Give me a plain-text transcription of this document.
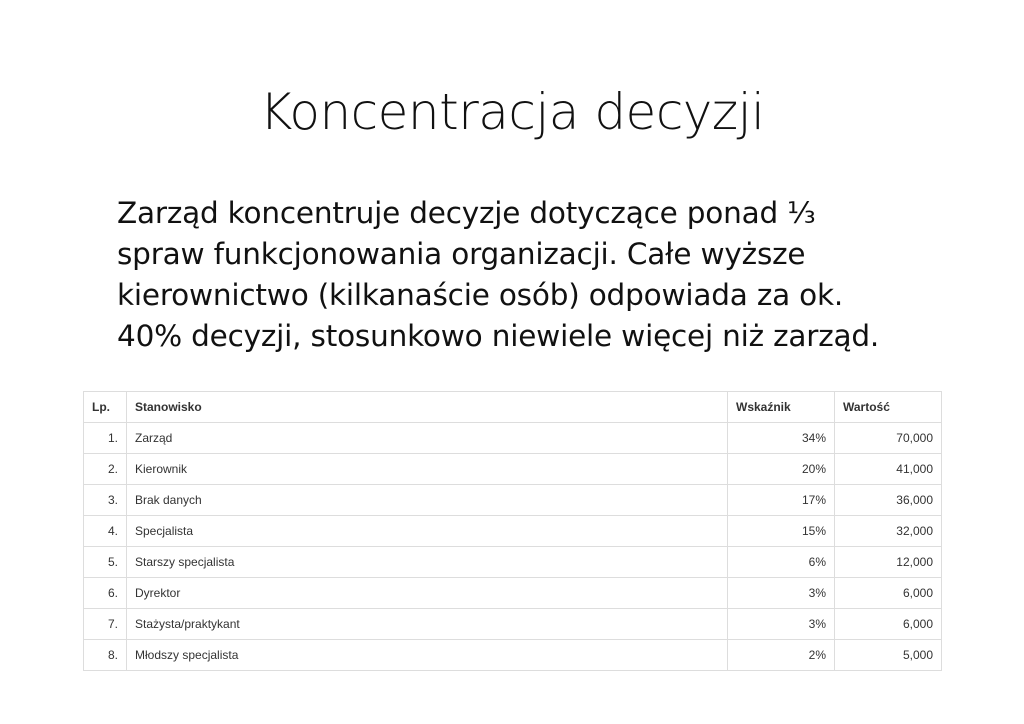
Koncentracja decyzji
Zarząd koncentruje decyzje dotyczące ponad ⅓
spraw funkcjonowania organizacji. Całe wyższe
kierownictwo (kilkanaście osób) odpowiada za ok.
40% decyzji, stosunkowo niewiele więcej niż zarząd.
Lp.	Stanowisko	Wskaźnik	Wartość
1.	Zarząd	34%	70,000
2.	Kierownik	20%	41,000
3.	Brak danych	17%	36,000
4.	Specjalista	15%	32,000
5.	Starszy specjalista	6%	12,000
6.	Dyrektor	3%	6,000
7.	Stażysta/praktykant	3%	6,000
8.	Młodszy specjalista	2%	5,000
